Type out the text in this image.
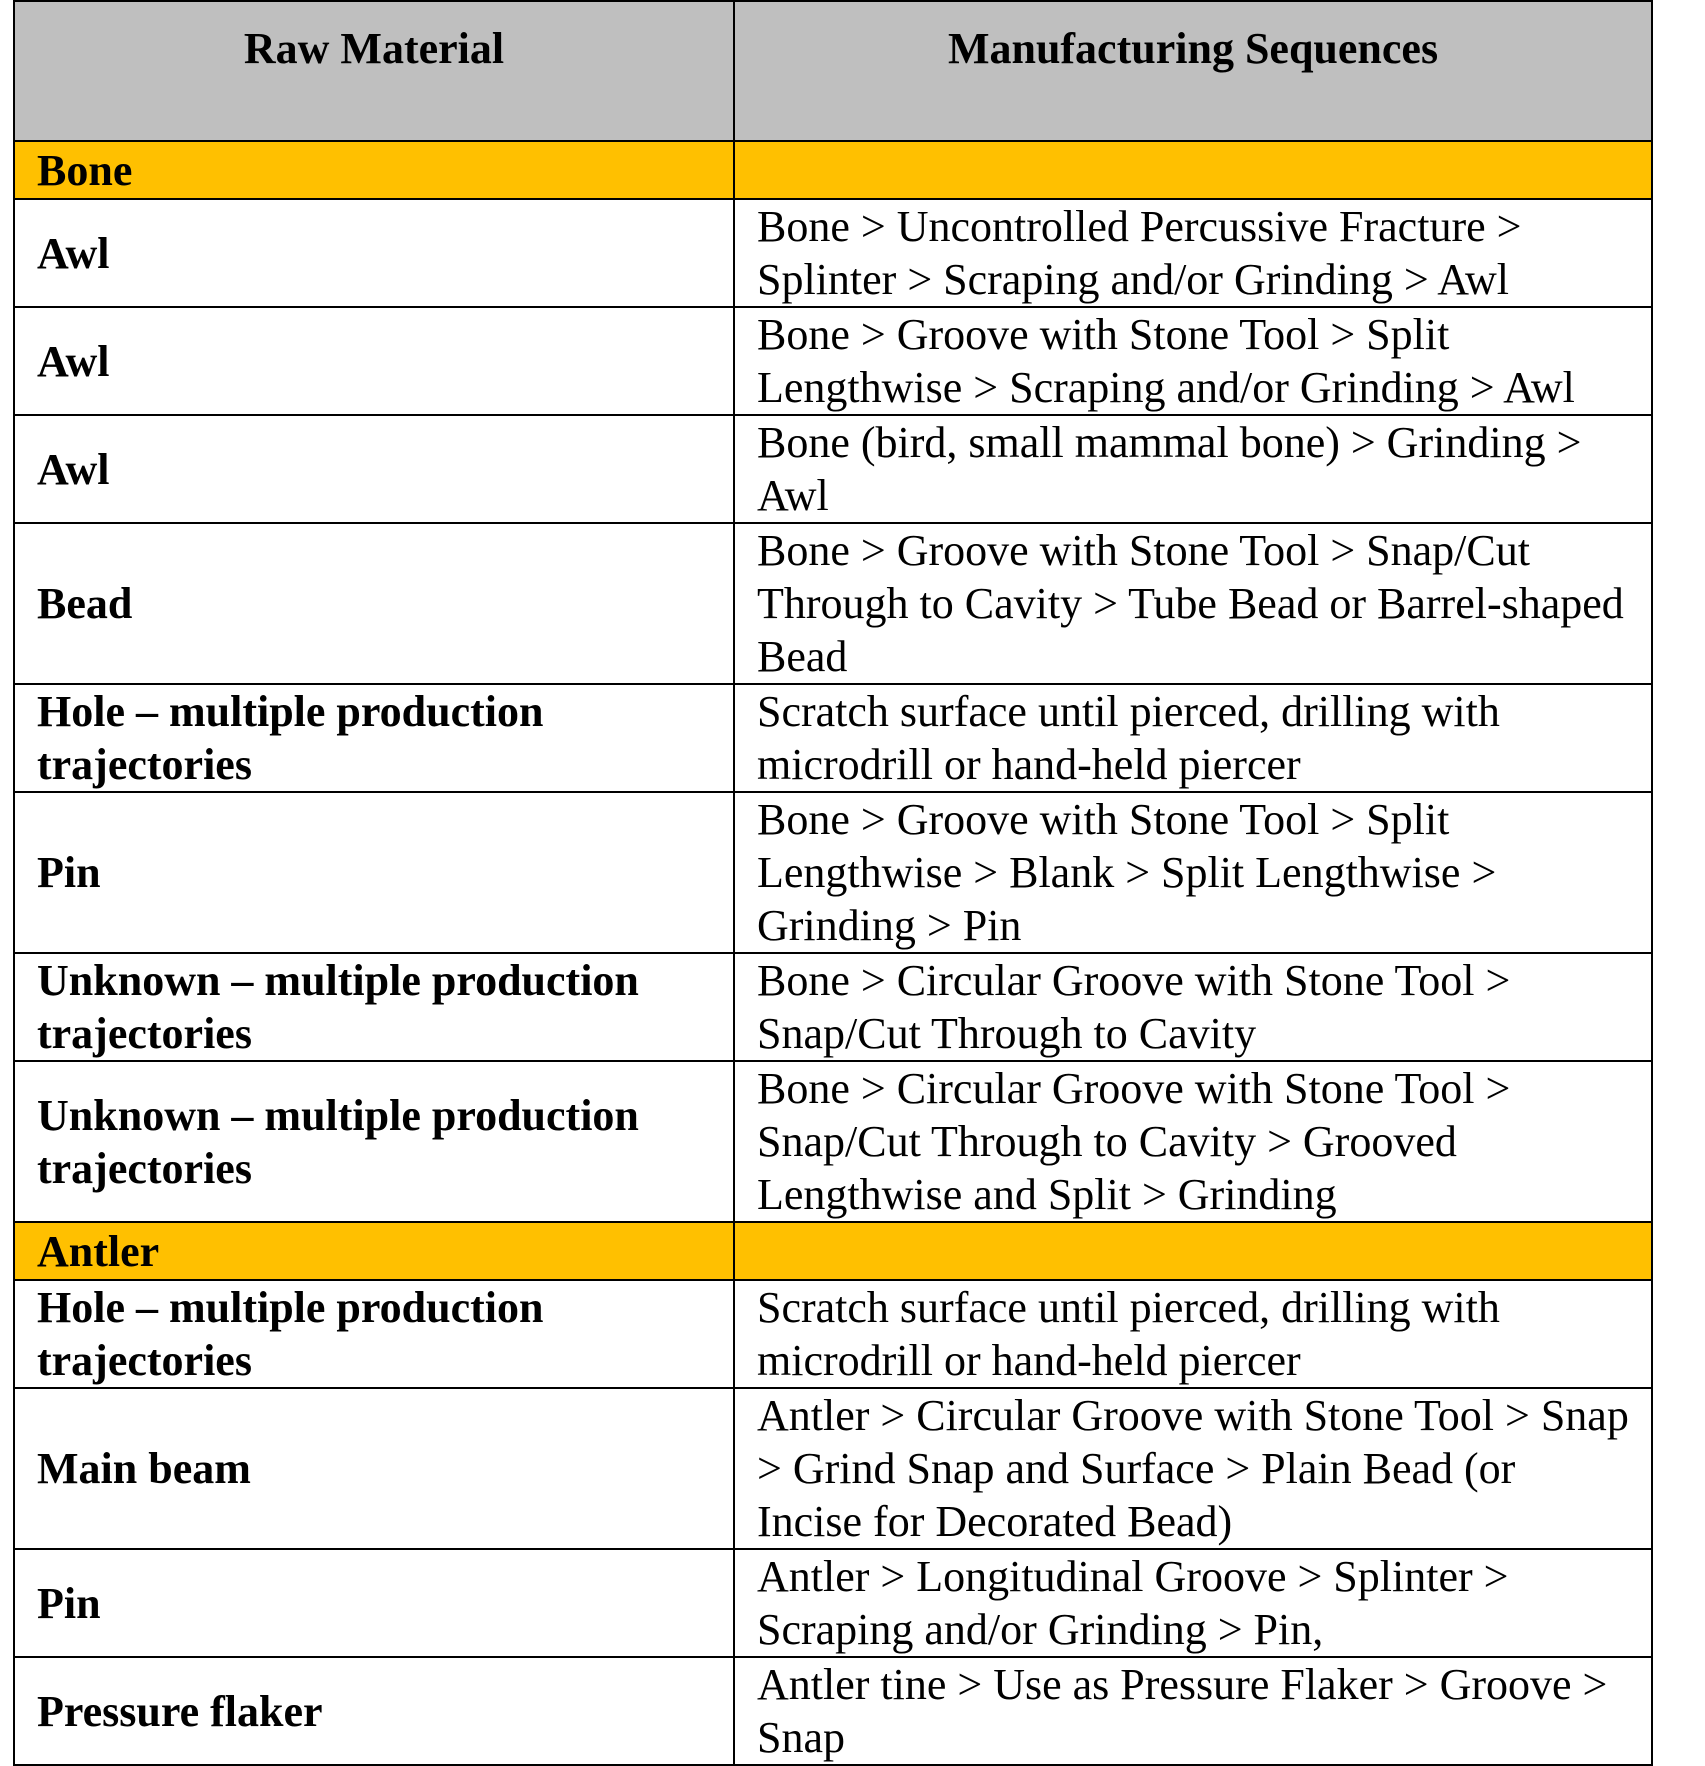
Raw Material	Manufacturing Sequences
Bone	
Awl	Bone > Uncontrolled Percussive Fracture > Splinter > Scraping and/or Grinding > Awl
Awl	Bone > Groove with Stone Tool > Split Lengthwise > Scraping and/or Grinding > Awl
Awl	Bone (bird, small mammal bone) > Grinding > Awl
Bead	Bone > Groove with Stone Tool > Snap/Cut Through to Cavity > Tube Bead or Barrel-shaped Bead
Hole – multiple production trajectories	Scratch surface until pierced, drilling with microdrill or hand-held piercer
Pin	Bone > Groove with Stone Tool > Split Lengthwise > Blank > Split Lengthwise > Grinding > Pin
Unknown – multiple production trajectories	Bone > Circular Groove with Stone Tool > Snap/Cut Through to Cavity
Unknown – multiple production trajectories	Bone > Circular Groove with Stone Tool > Snap/Cut Through to Cavity > Grooved Lengthwise and Split > Grinding
Antler	
Hole – multiple production trajectories	Scratch surface until pierced, drilling with microdrill or hand-held piercer
Main beam	Antler > Circular Groove with Stone Tool > Snap > Grind Snap and Surface > Plain Bead (or Incise for Decorated Bead)
Pin	Antler > Longitudinal Groove > Splinter > Scraping and/or Grinding > Pin,
Pressure flaker	Antler tine > Use as Pressure Flaker > Groove > Snap
